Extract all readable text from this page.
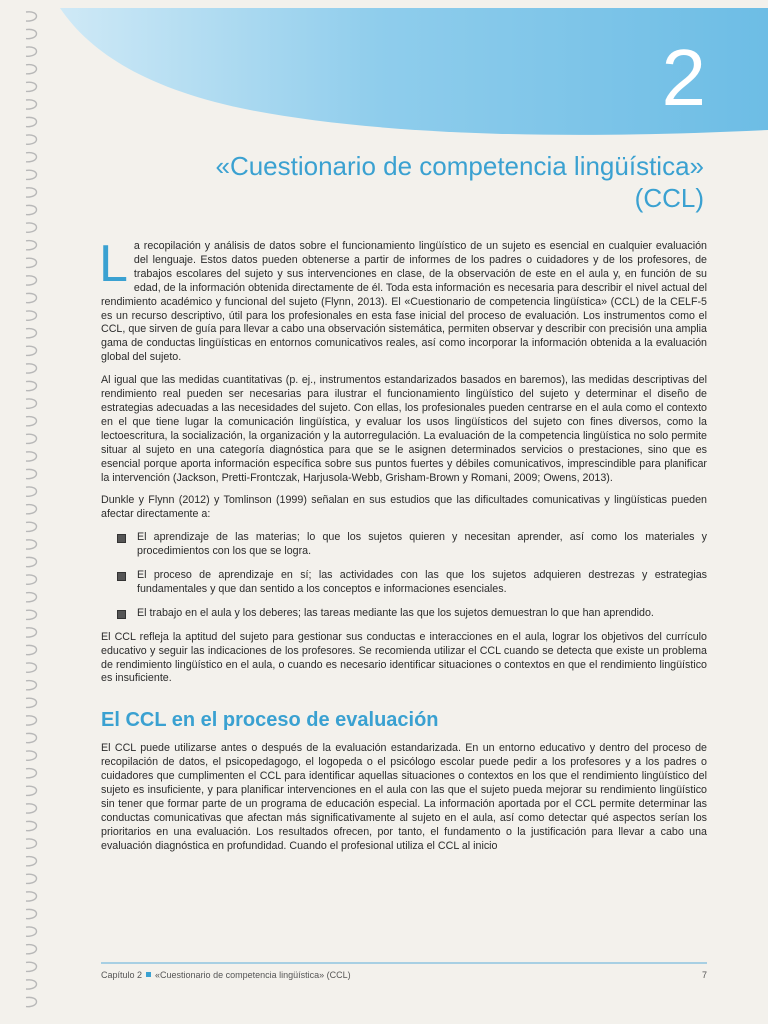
2
«Cuestionario de competencia lingüística»
(CCL)

La recopilación y análisis de datos sobre el funcionamiento lingüístico de un sujeto es esencial en cualquier evaluación del lenguaje. Estos datos pueden obtenerse a partir de informes de los padres o cuidadores y de los profesores, de trabajos escolares del sujeto y sus intervenciones en clase, de la observación de este en el aula y, en función de su edad, de la información obtenida directamente de él. Toda esta información es necesaria para describir el nivel actual del rendimiento académico y funcional del sujeto (Flynn, 2013). El «Cuestionario de competencia lingüística» (CCL) de la CELF-5 es un recurso descriptivo, útil para los profesionales en esta fase inicial del proceso de evaluación. Los instrumentos como el CCL, que sirven de guía para llevar a cabo una observación sistemática, permiten observar y describir con precisión una amplia gama de conductas lingüísticas en entornos comunicativos reales, así como incorporar la información obtenida a la evaluación global del sujeto.

Al igual que las medidas cuantitativas (p. ej., instrumentos estandarizados basados en baremos), las medidas descriptivas del rendimiento real pueden ser necesarias para ilustrar el funcionamiento lingüístico del sujeto y determinar el diseño de estrategias adecuadas a las necesidades del sujeto. Con ellas, los profesionales pueden centrarse en el aula como el contexto en el que tiene lugar la comunicación lingüística, y evaluar los usos lingüísticos del sujeto con fines diversos, como la lectoescritura, la socialización, la organización y la autorregulación. La evaluación de la competencia lingüística no solo permite situar al sujeto en una categoría diagnóstica para que se le asignen determinados servicios o prestaciones, sino que es esencial porque aporta información específica sobre sus puntos fuertes y débiles comunicativos, imprescindible para planificar la intervención (Jackson, Pretti-Frontczak, Harjusola-Webb, Grisham-Brown y Romani, 2009; Owens, 2013).

Dunkle y Flynn (2012) y Tomlinson (1999) señalan en sus estudios que las dificultades comunicativas y lingüísticas pueden afectar directamente a:

El aprendizaje de las materias; lo que los sujetos quieren y necesitan aprender, así como los materiales y procedimientos con los que se logra.
El proceso de aprendizaje en sí; las actividades con las que los sujetos adquieren destrezas y estrategias fundamentales y que dan sentido a los conceptos e informaciones esenciales.
El trabajo en el aula y los deberes; las tareas mediante las que los sujetos demuestran lo que han aprendido.

El CCL refleja la aptitud del sujeto para gestionar sus conductas e interacciones en el aula, lograr los objetivos del currículo educativo y seguir las indicaciones de los profesores. Se recomienda utilizar el CCL cuando se detecta que existe un problema de rendimiento lingüístico en el aula, o cuando es necesario identificar situaciones o contextos en que el rendimiento lingüístico es insuficiente.

El CCL en el proceso de evaluación

El CCL puede utilizarse antes o después de la evaluación estandarizada. En un entorno educativo y dentro del proceso de recopilación de datos, el psicopedagogo, el logopeda o el psicólogo escolar puede pedir a los profesores y a los padres o cuidadores que cumplimenten el CCL para identificar aquellas situaciones o contextos en los que el rendimiento lingüístico del sujeto es insuficiente, y para planificar intervenciones en el aula con las que el sujeto pueda mejorar su rendimiento lingüístico sin tener que formar parte de un programa de educación especial. La información aportada por el CCL permite determinar las conductas comunicativas que afectan más significativamente al sujeto en el aula, así como detectar qué aspectos serían los prioritarios en una evaluación. Los resultados ofrecen, por tanto, el fundamento o la justificación para llevar a cabo una evaluación diagnóstica en profundidad. Cuando el profesional utiliza el CCL al inicio

Capítulo 2 «Cuestionario de competencia lingüística» (CCL)	7
